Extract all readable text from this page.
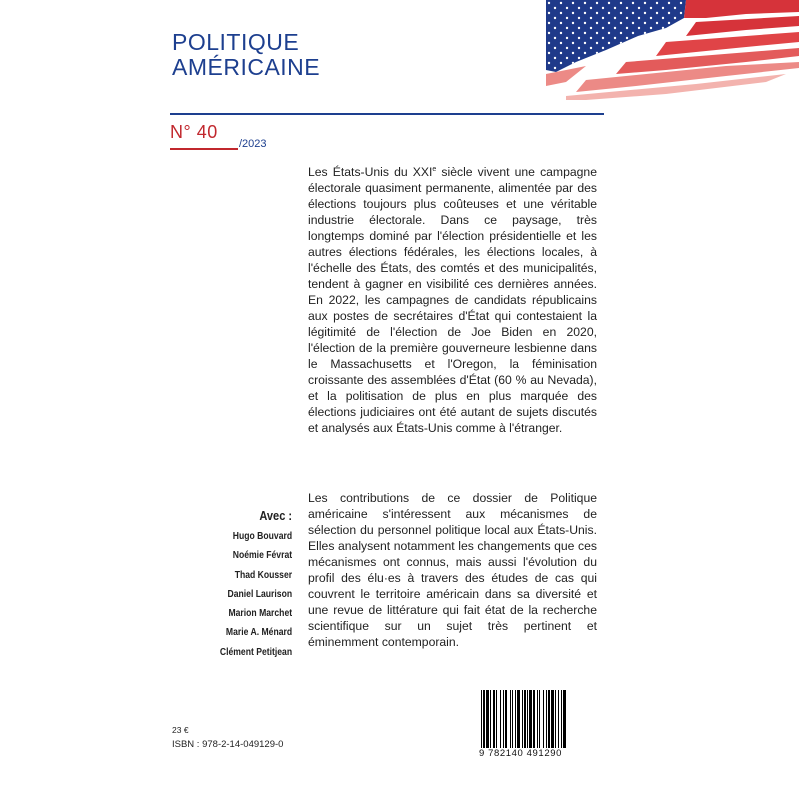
POLITIQUE
AMÉRICAINE
N° 40
/2023

Les États-Unis du XXIe siècle vivent une campagne électorale quasiment permanente, alimentée par des élections toujours plus coûteuses et une véritable industrie électorale. Dans ce paysage, très longtemps dominé par l'élection présidentielle et les autres élections fédérales, les élections locales, à l'échelle des États, des comtés et des municipalités, tendent à gagner en visibilité ces dernières années. En 2022, les campagnes de candidats républicains aux postes de secrétaires d'État qui contestaient la légitimité de l'élection de Joe Biden en 2020, l'élection de la première gouverneure lesbienne dans le Massachusetts et l'Oregon, la féminisation croissante des assemblées d'État (60 % au Nevada), et la politisation de plus en plus marquée des élections judiciaires ont été autant de sujets discutés et analysés aux États-Unis comme à l'étranger.

Les contributions de ce dossier de Politique américaine s'intéressent aux mécanismes de sélection du personnel politique local aux États-Unis. Elles analysent notamment les changements que ces mécanismes ont connus, mais aussi l'évolution du profil des élu·es à travers des études de cas qui couvrent le territoire américain dans sa diversité et une revue de littérature qui fait état de la recherche scientifique sur un sujet très pertinent et éminemment contemporain.

Avec :
Hugo Bouvard
Noémie Févrat
Thad Kousser
Daniel Laurison
Marion Marchet
Marie A. Ménard
Clément Petitjean
23 €
ISBN : 978-2-14-049129-0
9 782140 491290
